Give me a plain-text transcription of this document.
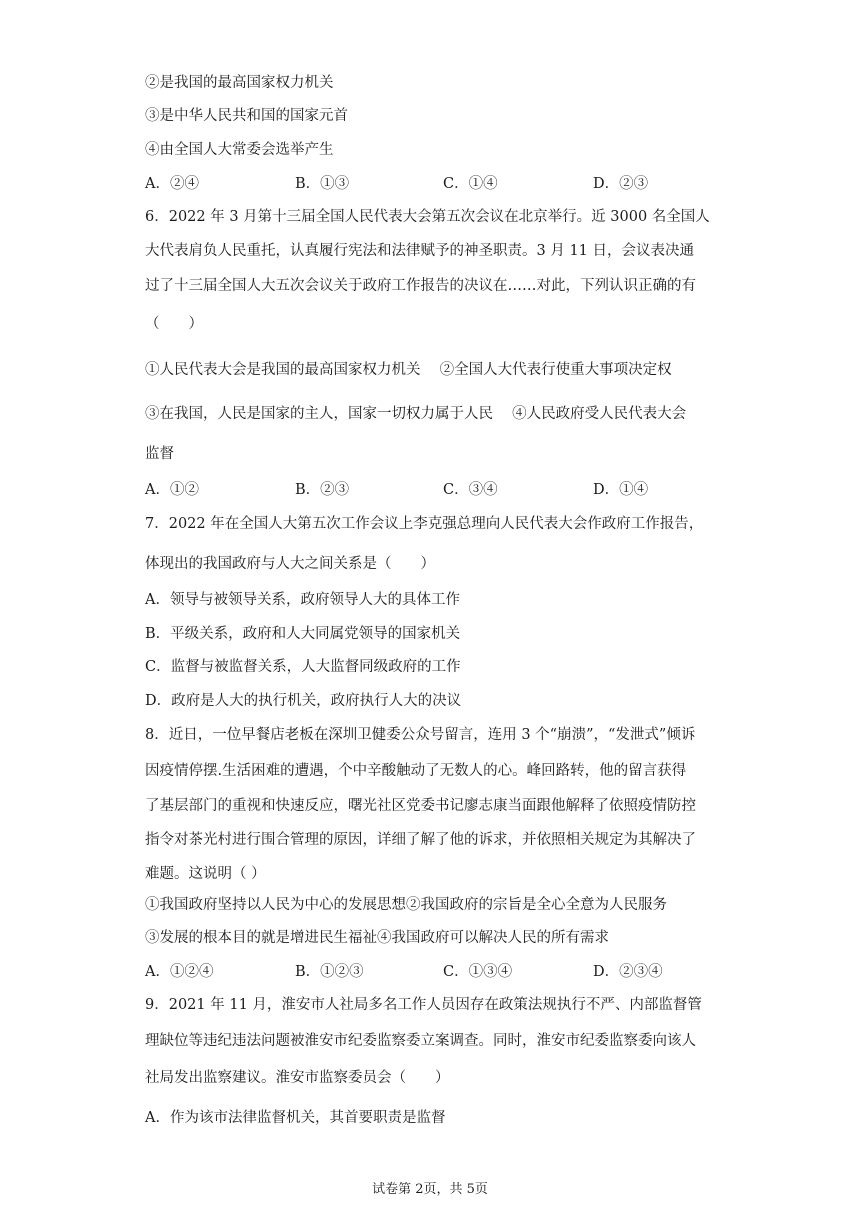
②是我国的最高国家权力机关
③是中华人民共和国的国家元首
④由全国人大常委会选举产生
A．②④	B．①③	C．①④	D．②③
6．2022 年 3 月第十三届全国人民代表大会第五次会议在北京举行。近 3000 名全国人
大代表肩负人民重托，认真履行宪法和法律赋予的神圣职责。3 月 11 日，会议表决通
过了十三届全国人大五次会议关于政府工作报告的决议在……对此，下列认识正确的有
（　　）
①人民代表大会是我国的最高国家权力机关　 ②全国人大代表行使重大事项决定权
③在我国，人民是国家的主人，国家一切权力属于人民　 ④人民政府受人民代表大会
监督
A．①②	B．②③	C．③④	D．①④
7．2022 年在全国人大第五次工作会议上李克强总理向人民代表大会作政府工作报告，
体现出的我国政府与人大之间关系是（　　）
A．领导与被领导关系，政府领导人大的具体工作
B．平级关系，政府和人大同属党领导的国家机关
C．监督与被监督关系，人大监督同级政府的工作
D．政府是人大的执行机关，政府执行人大的决议
8．近日，一位早餐店老板在深圳卫健委公众号留言，连用 3 个“崩溃”，“发泄式”倾诉
因疫情停摆.生活困难的遭遇，个中辛酸触动了无数人的心。峰回路转，他的留言获得
了基层部门的重视和快速反应，曙光社区党委书记廖志康当面跟他解释了依照疫情防控
指令对茶光村进行围合管理的原因，详细了解了他的诉求，并依照相关规定为其解决了
难题。这说明（ ）
①我国政府坚持以人民为中心的发展思想②我国政府的宗旨是全心全意为人民服务
③发展的根本目的就是增进民生福祉④我国政府可以解决人民的所有需求
A．①②④	B．①②③	C．①③④	D．②③④
9．2021 年 11 月，淮安市人社局多名工作人员因存在政策法规执行不严、内部监督管
理缺位等违纪违法问题被淮安市纪委监察委立案调查。同时，淮安市纪委监察委向该人
社局发出监察建议。淮安市监察委员会（　　）
A．作为该市法律监督机关，其首要职责是监督
试卷第 2页，共 5页
